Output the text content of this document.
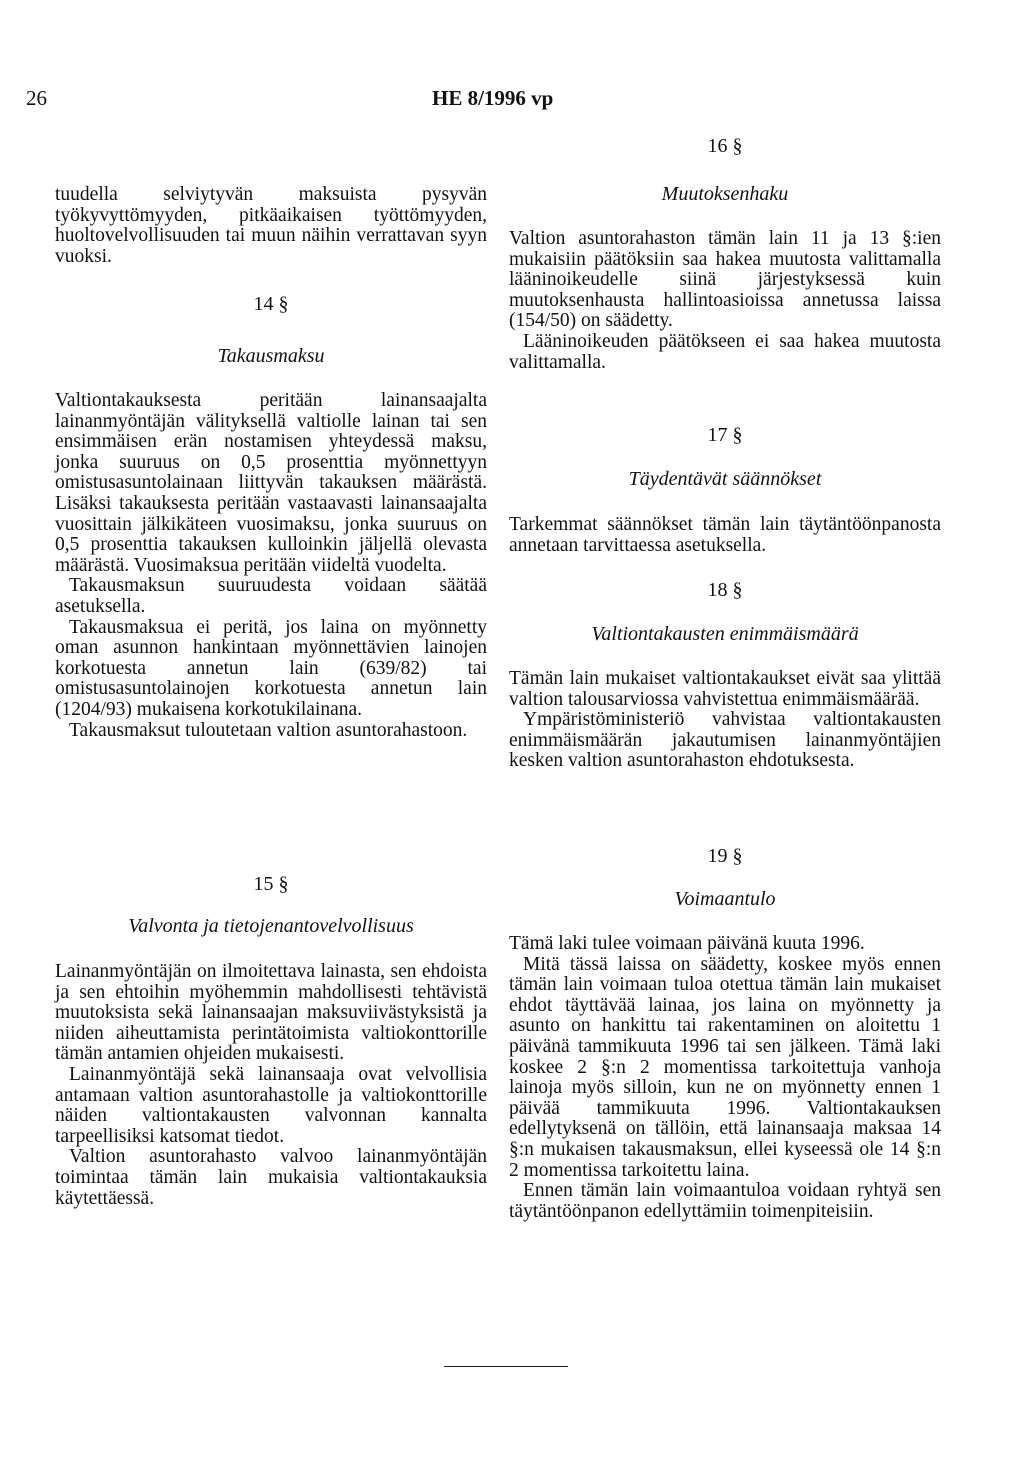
26	HE 8/1996 vp

tuudella selviytyvän maksuista pysyvän työkyvyttömyyden, pitkäaikaisen työttömyyden, huoltovelvollisuuden tai muun näihin verrattavan syyn vuoksi.

14 §
Takausmaksu

Valtiontakauksesta peritään lainansaajalta lainanmyöntäjän välityksellä valtiolle lainan tai sen ensimmäisen erän nostamisen yhteydessä maksu, jonka suuruus on 0,5 prosenttia myönnettyyn omistusasuntolainaan liittyvän takauksen määrästä. Lisäksi takauksesta peritään vastaavasti lainansaajalta vuosittain jälkikäteen vuosimaksu, jonka suuruus on 0,5 prosenttia takauksen kulloinkin jäljellä olevasta määrästä. Vuosimaksua peritään viideltä vuodelta.

Takausmaksun suuruudesta voidaan säätää asetuksella.

Takausmaksua ei peritä, jos laina on myönnetty oman asunnon hankintaan myönnettävien lainojen korkotuesta annetun lain (639/82) tai omistusasuntolainojen korkotuesta annetun lain (1204/93) mukaisena korkotukilainana.

Takausmaksut tuloutetaan valtion asuntorahastoon.

15 §
Valvonta ja tietojenantovelvollisuus

Lainanmyöntäjän on ilmoitettava lainasta, sen ehdoista ja sen ehtoihin myöhemmin mahdollisesti tehtävistä muutoksista sekä lainansaajan maksuviivästyksistä ja niiden aiheuttamista perintätoimista valtiokonttorille tämän antamien ohjeiden mukaisesti.

Lainanmyöntäjä sekä lainansaaja ovat velvollisia antamaan valtion asuntorahastolle ja valtiokonttorille näiden valtiontakausten valvonnan kannalta tarpeellisiksi katsomat tiedot.

Valtion asuntorahasto valvoo lainanmyöntäjän toimintaa tämän lain mukaisia valtiontakauksia käytettäessä.

16 §
Muutoksenhaku

Valtion asuntorahaston tämän lain 11 ja 13 §:ien mukaisiin päätöksiin saa hakea muutosta valittamalla lääninoikeudelle siinä järjestyksessä kuin muutoksenhausta hallintoasioissa annetussa laissa (154/50) on säädetty.

Lääninoikeuden päätökseen ei saa hakea muutosta valittamalla.

17 §
Täydentävät säännökset

Tarkemmat säännökset tämän lain täytäntöönpanosta annetaan tarvittaessa asetuksella.

18 §
Valtiontakausten enimmäismäärä

Tämän lain mukaiset valtiontakaukset eivät saa ylittää valtion talousarviossa vahvistettua enimmäismäärää.

Ympäristöministeriö vahvistaa valtiontakausten enimmäismäärän jakautumisen lainanmyöntäjien kesken valtion asuntorahaston ehdotuksesta.

19 §
Voimaantulo

Tämä laki tulee voimaan päivänä kuuta 1996.

Mitä tässä laissa on säädetty, koskee myös ennen tämän lain voimaan tuloa otettua tämän lain mukaiset ehdot täyttävää lainaa, jos laina on myönnetty ja asunto on hankittu tai rakentaminen on aloitettu 1 päivänä tammikuuta 1996 tai sen jälkeen. Tämä laki koskee 2 §:n 2 momentissa tarkoitettuja vanhoja lainoja myös silloin, kun ne on myönnetty ennen 1 päivää tammikuuta 1996. Valtiontakauksen edellytyksenä on tällöin, että lainansaaja maksaa 14 §:n mukaisen takausmaksun, ellei kyseessä ole 14 §:n 2 momentissa tarkoitettu laina.

Ennen tämän lain voimaantuloa voidaan ryhtyä sen täytäntöönpanon edellyttämiin toimenpiteisiin.
